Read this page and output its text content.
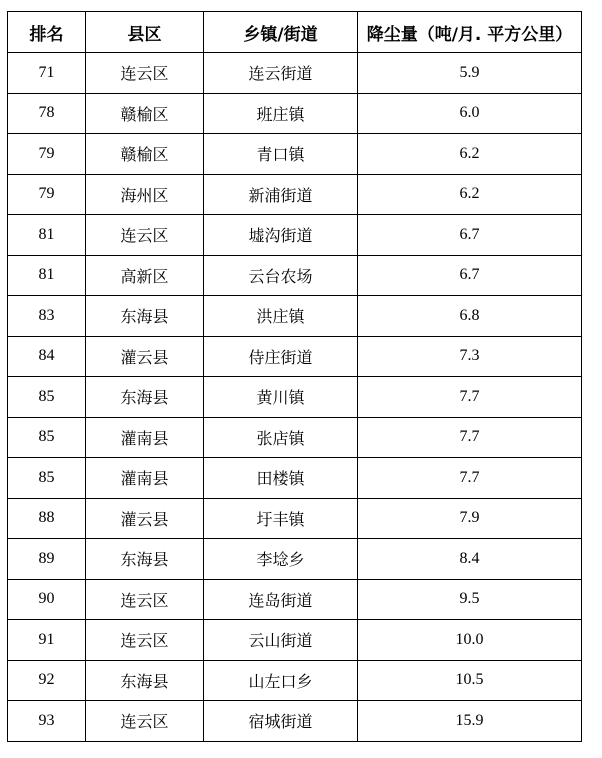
排名	县区	乡镇/街道	降尘量（吨/月. 平方公里）
71	连云区	连云街道	5.9
78	赣榆区	班庄镇	6.0
79	赣榆区	青口镇	6.2
79	海州区	新浦街道	6.2
81	连云区	墟沟街道	6.7
81	高新区	云台农场	6.7
83	东海县	洪庄镇	6.8
84	灌云县	侍庄街道	7.3
85	东海县	黄川镇	7.7
85	灌南县	张店镇	7.7
85	灌南县	田楼镇	7.7
88	灌云县	圩丰镇	7.9
89	东海县	李埝乡	8.4
90	连云区	连岛街道	9.5
91	连云区	云山街道	10.0
92	东海县	山左口乡	10.5
93	连云区	宿城街道	15.9
